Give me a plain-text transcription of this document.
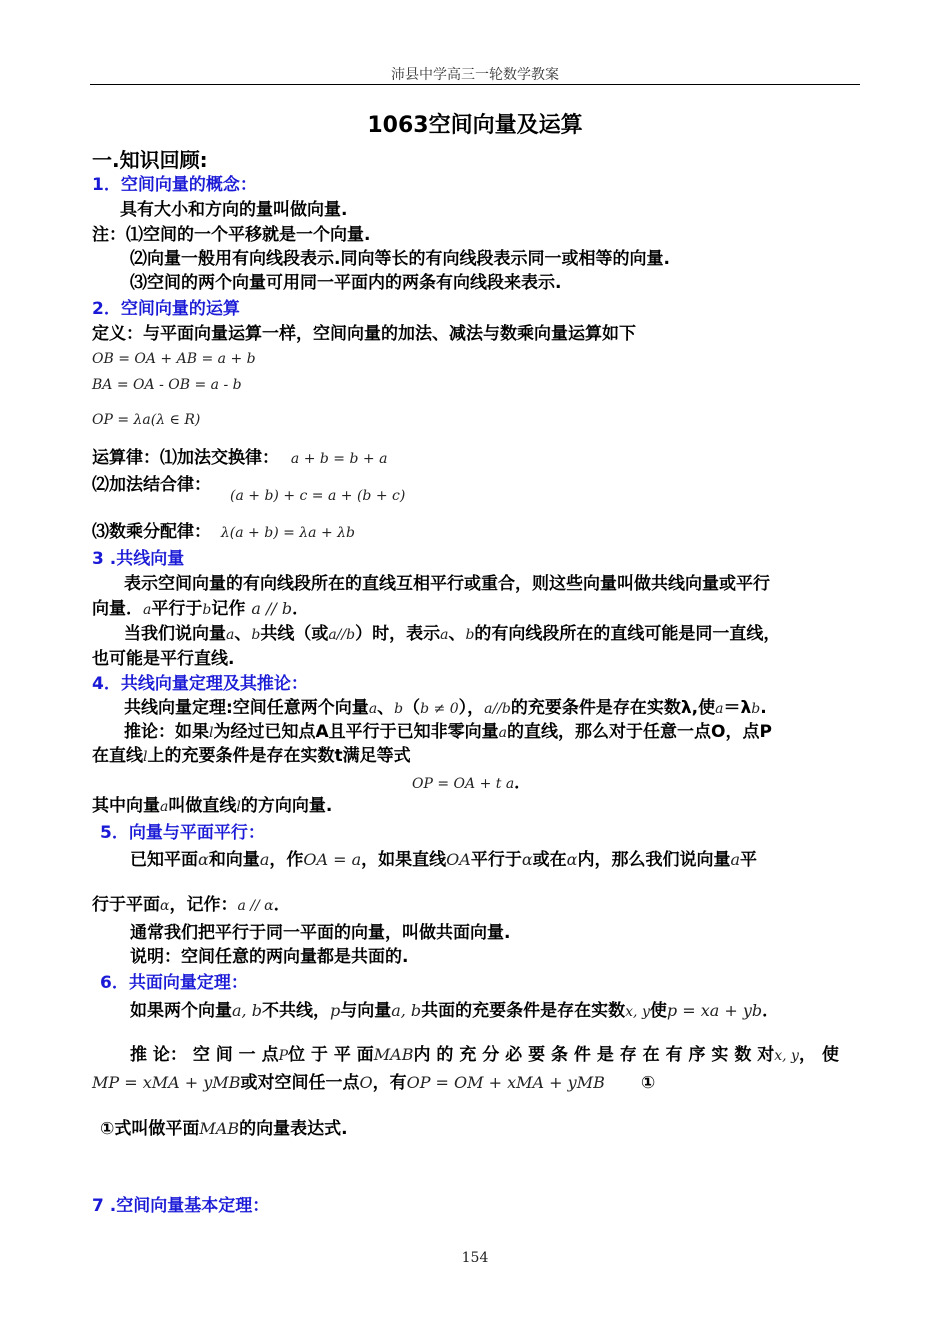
沛县中学高三一轮数学教案
1063空间向量及运算
一.知识回顾:
1．空间向量的概念：
具有大小和方向的量叫做向量.
注：⑴空间的一个平移就是一个向量.
⑵向量一般用有向线段表示.同向等长的有向线段表示同一或相等的向量.
⑶空间的两个向量可用同一平面内的两条有向线段来表示.
2．空间向量的运算
定义：与平面向量运算一样，空间向量的加法、减法与数乘向量运算如下
OB = OA + AB = a + b
BA = OA - OB = a - b
OP = λa(λ ∈ R)
运算律：⑴加法交换律： a + b = b + a
⑵加法结合律：
(a + b) + c = a + (b + c)
⑶数乘分配律： λ(a + b) = λa + λb
3 .共线向量
表示空间向量的有向线段所在的直线互相平行或重合，则这些向量叫做共线向量或平行
向量．a平行于b记作 a // b．
当我们说向量a、b共线（或a//b）时，表示a、b的有向线段所在的直线可能是同一直线，
也可能是平行直线.
4．共线向量定理及其推论：
共线向量定理:空间任意两个向量a、b（b ≠ 0），a//b的充要条件是存在实数λ,使a＝λb.
推论：如果l为经过已知点A且平行于已知非零向量a的直线，那么对于任意一点O，点P
在直线l上的充要条件是存在实数t满足等式
OP = OA + t a．
其中向量a叫做直线l的方向向量.
5．向量与平面平行：
已知平面α和向量a，作OA = a，如果直线OA平行于α或在α内，那么我们说向量a平
行于平面α，记作：a // α．
通常我们把平行于同一平面的向量，叫做共面向量.
说明：空间任意的两向量都是共面的.
6．共面向量定理：
如果两个向量a, b不共线，p与向量a, b共面的充要条件是存在实数x, y使p = xa + yb．
推 论： 空 间 一 点P位 于 平 面MAB内 的 充 分 必 要 条 件 是 存 在 有 序 实 数 对x, y， 使
MP = xMA + yMB或对空间任一点O，有OP = OM + xMA + yMB ①
①式叫做平面MAB的向量表达式.
7 .空间向量基本定理：
154
